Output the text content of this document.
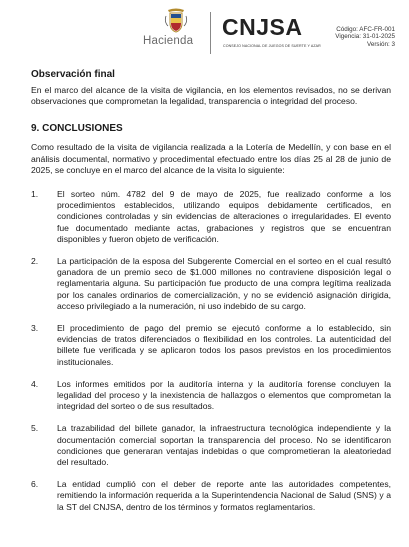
Hacienda
CNJSA
CONSEJO NACIONAL DE JUEGOS DE SUERTE Y AZAR
Código: AFC-FR-001
Vigencia: 31-01-2025
Versión: 3

Observación final

En el marco del alcance de la visita de vigilancia, en los elementos revisados, no se derivan observaciones que comprometan la legalidad, transparencia o integridad del proceso.

9. CONCLUSIONES

Como resultado de la visita de vigilancia realizada a la Lotería de Medellín, y con base en el análisis documental, normativo y procedimental efectuado entre los días 25 al 28 de junio de 2025, se concluye en el marco del alcance de la visita lo siguiente:

1.	El sorteo núm. 4782 del 9 de mayo de 2025, fue realizado conforme a los procedimientos establecidos, utilizando equipos debidamente certificados, en condiciones controladas y sin evidencias de alteraciones o irregularidades. El evento fue documentado mediante actas, grabaciones y registros que se encuentran disponibles y fueron objeto de verificación.
2.	La participación de la esposa del Subgerente Comercial en el sorteo en el cual resultó ganadora de un premio seco de $1.000 millones no contraviene disposición legal o reglamentaria alguna. Su participación fue producto de una compra legítima realizada por los canales ordinarios de comercialización, y no se evidenció asignación dirigida, acceso privilegiado a la numeración, ni uso indebido de su cargo.
3.	El procedimiento de pago del premio se ejecutó conforme a lo establecido, sin evidencias de tratos diferenciados o flexibilidad en los controles. La autenticidad del billete fue verificada y se aplicaron todos los pasos previstos en los procedimientos institucionales.
4.	Los informes emitidos por la auditoría interna y la auditoría forense concluyen la legalidad del proceso y la inexistencia de hallazgos o elementos que comprometan la integridad del sorteo o de sus resultados.
5.	La trazabilidad del billete ganador, la infraestructura tecnológica independiente y la documentación comercial soportan la transparencia del proceso. No se identificaron condiciones que generaran ventajas indebidas o que comprometieran la aleatoriedad del resultado.
6.	La entidad cumplió con el deber de reporte ante las autoridades competentes, remitiendo la información requerida a la Superintendencia Nacional de Salud (SNS) y a la ST del CNJSA, dentro de los términos y formatos reglamentarios.
